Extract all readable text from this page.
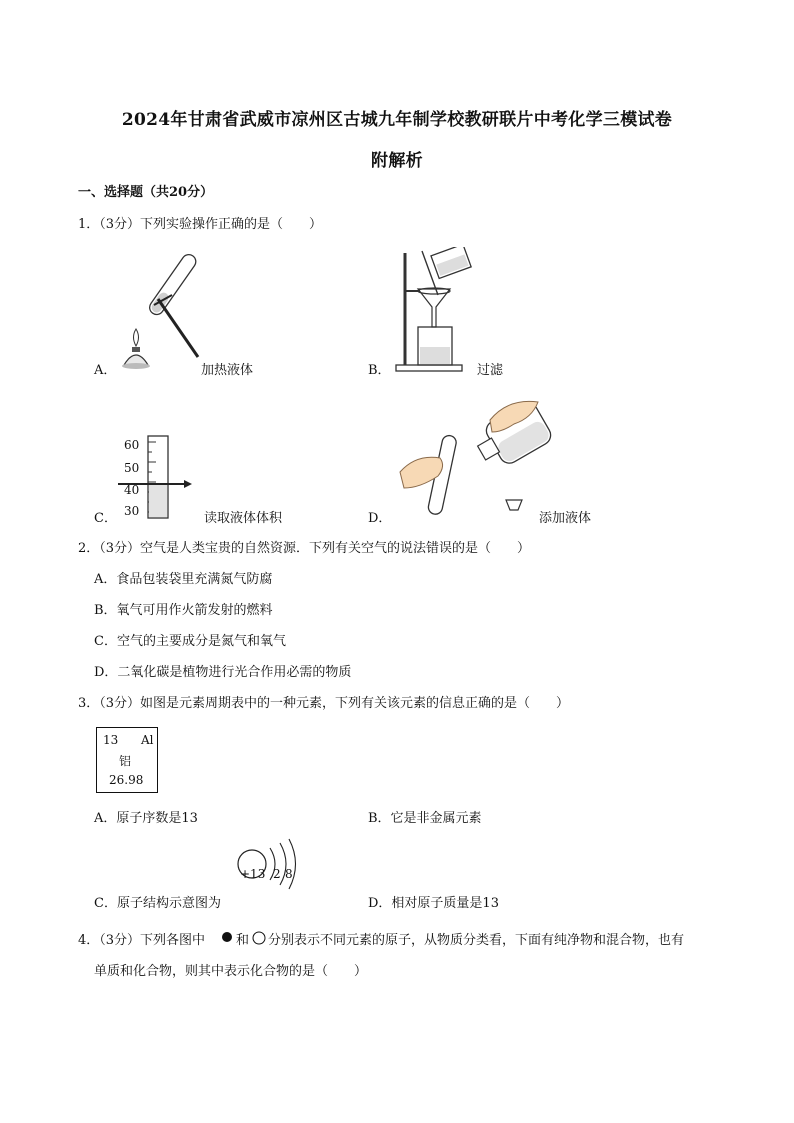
2024年甘肃省武威市凉州区古城九年制学校教研联片中考化学三模试卷
附解析
一、选择题（共20分）
1．（3分）下列实验操作正确的是（　　）
A．	加热液体	B．	过滤
C．
60
50
40
30	读取液体体积	D．	添加液体
2．（3分）空气是人类宝贵的自然资源．下列有关空气的说法错误的是（　　）
A．食品包装袋里充满氮气防腐
B．氧气可用作火箭发射的燃料
C．空气的主要成分是氮气和氧气
D．二氧化碳是植物进行光合作用必需的物质
3．（3分）如图是元素周期表中的一种元素，下列有关该元素的信息正确的是（　　）
13 Al
铝
26.98
A．原子序数是13	B．它是非金属元素
C．原子结构示意图为	D．相对原子质量是13
+13 2 8
4．（3分）下列各图中 和 分别表示不同元素的原子，从物质分类看，下面有纯净物和混合物，也有
单质和化合物，则其中表示化合物的是（　　）
